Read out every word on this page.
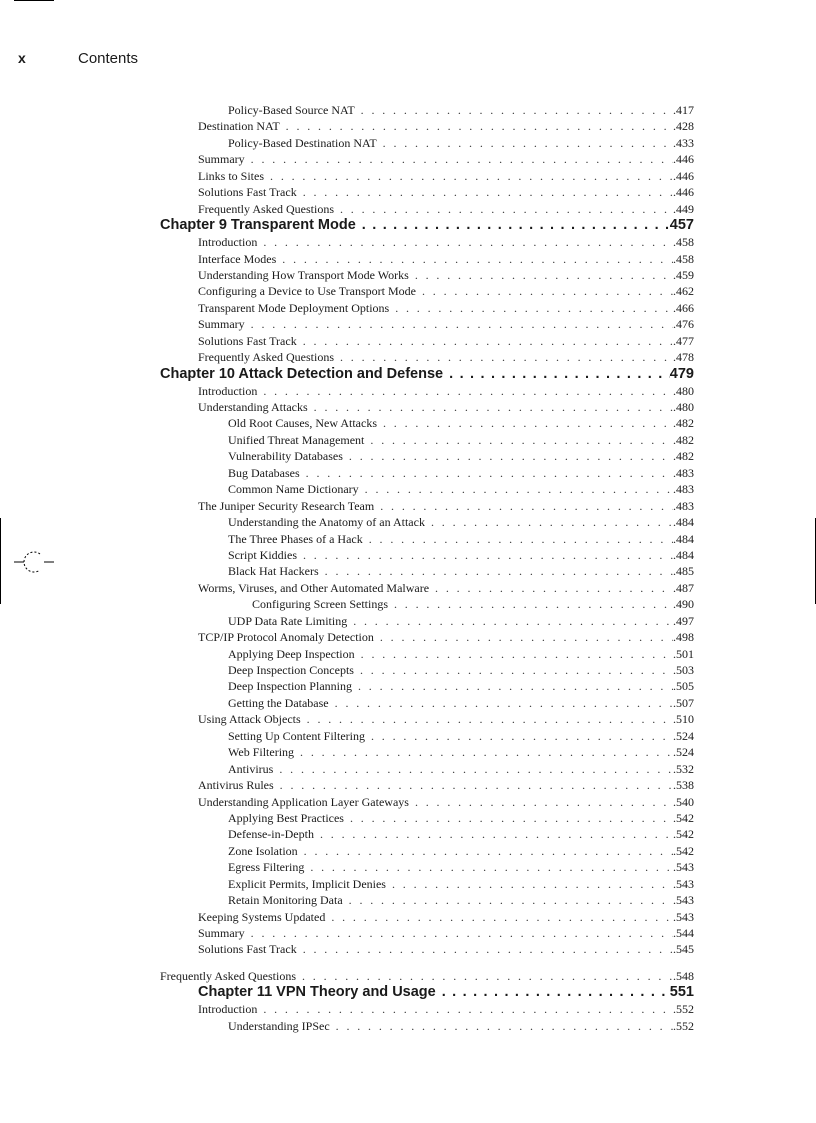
x	Contents
Policy-Based Source NAT . . .	.417
Destination NAT . . .	.428
Policy-Based Destination NAT . . .	.433
Summary . . .	.446
Links to Sites . . .	.446
Solutions Fast Track . . .	.446
Frequently Asked Questions . . .	.449
Chapter 9 Transparent Mode . . .	457
Introduction . . .	.458
Interface Modes . . .	.458
Understanding How Transport Mode Works . . .	.459
Configuring a Device to Use Transport Mode . . .	.462
Transparent Mode Deployment Options . . .	.466
Summary . . .	.476
Solutions Fast Track . . .	.477
Frequently Asked Questions . . .	.478
Chapter 10 Attack Detection and Defense . . .	479
Introduction . . .	.480
Understanding Attacks . . .	.480
Old Root Causes, New Attacks . . .	.482
Unified Threat Management . . .	.482
Vulnerability Databases . . .	.482
Bug Databases . . .	.483
Common Name Dictionary . . .	.483
The Juniper Security Research Team . . .	.483
Understanding the Anatomy of an Attack . . .	.484
The Three Phases of a Hack . . .	.484
Script Kiddies . . .	.484
Black Hat Hackers . . .	.485
Worms, Viruses, and Other Automated Malware . . .	.487
Configuring Screen Settings . . .	.490
UDP Data Rate Limiting . . .	.497
TCP/IP Protocol Anomaly Detection . . .	.498
Applying Deep Inspection . . .	.501
Deep Inspection Concepts . . .	.503
Deep Inspection Planning . . .	.505
Getting the Database . . .	.507
Using Attack Objects . . .	.510
Setting Up Content Filtering . . .	.524
Web Filtering . . .	.524
Antivirus . . .	.532
Antivirus Rules . . .	.538
Understanding Application Layer Gateways . . .	.540
Applying Best Practices . . .	.542
Defense-in-Depth . . .	.542
Zone Isolation . . .	.542
Egress Filtering . . .	.543
Explicit Permits, Implicit Denies . . .	.543
Retain Monitoring Data . . .	.543
Keeping Systems Updated . . .	.543
Summary . . .	.544
Solutions Fast Track . . .	.545
Frequently Asked Questions . . .	.548
Chapter 11 VPN Theory and Usage . . .	551
Introduction . . .	.552
Understanding IPSec . . .	.552
